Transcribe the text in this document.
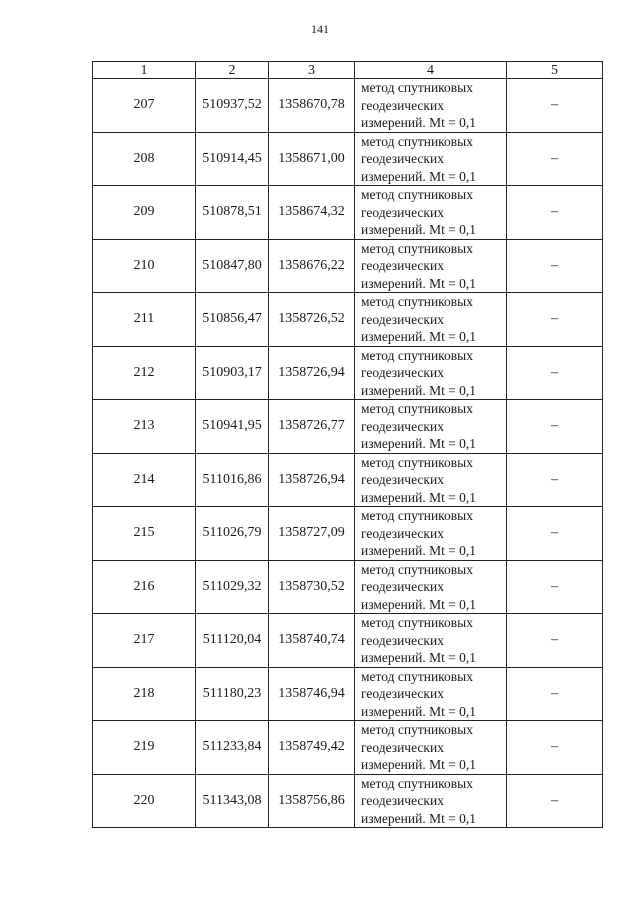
141
1	2	3	4	5
207	510937,52	1358670,78	метод спутниковых
геодезических
измерений. Mt = 0,1	–
208	510914,45	1358671,00	метод спутниковых
геодезических
измерений. Mt = 0,1	–
209	510878,51	1358674,32	метод спутниковых
геодезических
измерений. Mt = 0,1	–
210	510847,80	1358676,22	метод спутниковых
геодезических
измерений. Mt = 0,1	–
211	510856,47	1358726,52	метод спутниковых
геодезических
измерений. Mt = 0,1	–
212	510903,17	1358726,94	метод спутниковых
геодезических
измерений. Mt = 0,1	–
213	510941,95	1358726,77	метод спутниковых
геодезических
измерений. Mt = 0,1	–
214	511016,86	1358726,94	метод спутниковых
геодезических
измерений. Mt = 0,1	–
215	511026,79	1358727,09	метод спутниковых
геодезических
измерений. Mt = 0,1	–
216	511029,32	1358730,52	метод спутниковых
геодезических
измерений. Mt = 0,1	–
217	511120,04	1358740,74	метод спутниковых
геодезических
измерений. Mt = 0,1	–
218	511180,23	1358746,94	метод спутниковых
геодезических
измерений. Mt = 0,1	–
219	511233,84	1358749,42	метод спутниковых
геодезических
измерений. Mt = 0,1	–
220	511343,08	1358756,86	метод спутниковых
геодезических
измерений. Mt = 0,1	–
